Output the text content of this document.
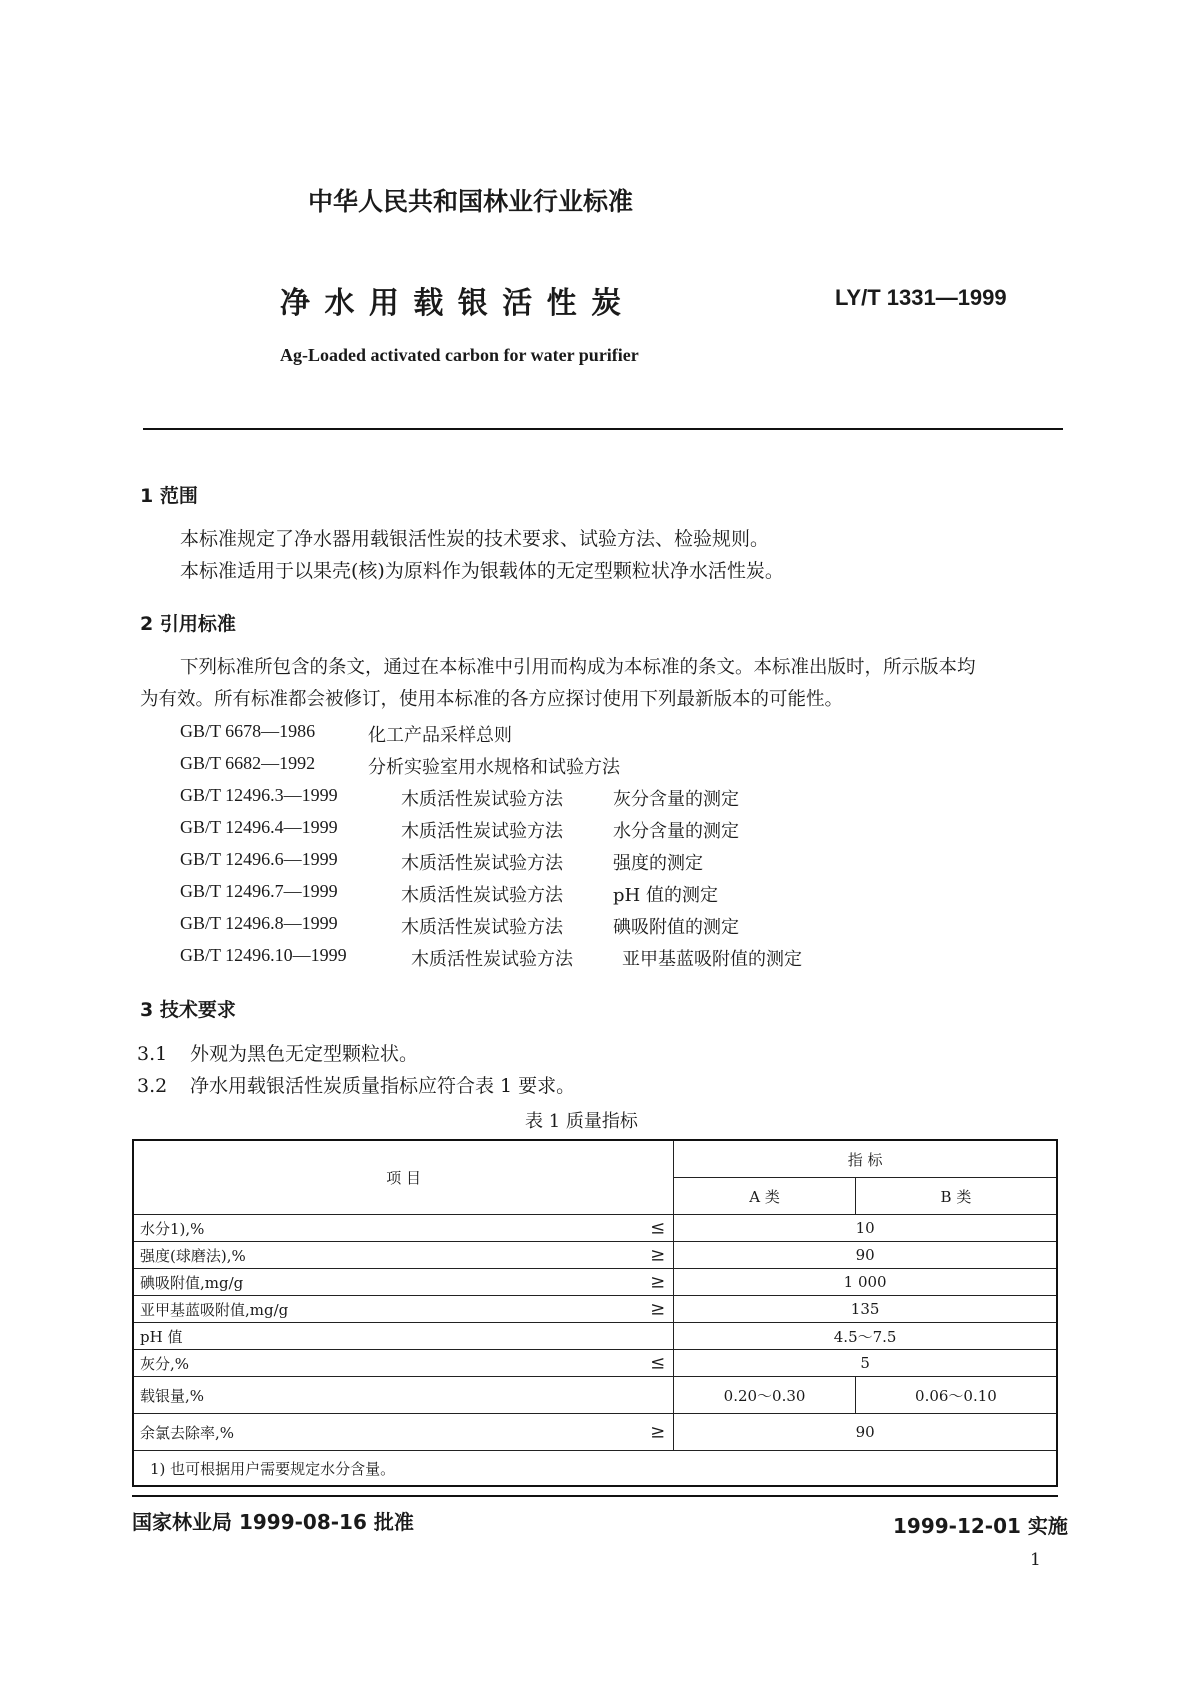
中华人民共和国林业行业标准
净 水 用 载 银 活 性 炭	LY/T 1331—1999
Ag-Loaded activated carbon for water purifier
1 范围
本标准规定了净水器用载银活性炭的技术要求、试验方法、检验规则。
本标准适用于以果壳(核)为原料作为银载体的无定型颗粒状净水活性炭。
2 引用标准
下列标准所包含的条文，通过在本标准中引用而构成为本标准的条文。本标准出版时，所示版本均
为有效。所有标准都会被修订，使用本标准的各方应探讨使用下列最新版本的可能性。
GB/T 6678—1986	化工产品采样总则
GB/T 6682—1992	分析实验室用水规格和试验方法
GB/T 12496.3—1999	木质活性炭试验方法	灰分含量的测定
GB/T 12496.4—1999	木质活性炭试验方法	水分含量的测定
GB/T 12496.6—1999	木质活性炭试验方法	强度的测定
GB/T 12496.7—1999	木质活性炭试验方法	pH 值的测定
GB/T 12496.8—1999	木质活性炭试验方法	碘吸附值的测定
GB/T 12496.10—1999	木质活性炭试验方法	亚甲基蓝吸附值的测定
3 技术要求
3.1 外观为黑色无定型颗粒状。
3.2 净水用载银活性炭质量指标应符合表 1 要求。
表 1 质量指标
项 目	指 标	
	A 类	B 类
水分1),% ≤	10	
强度(球磨法),% ≥	90	
碘吸附值,mg/g ≥	1 000	
亚甲基蓝吸附值,mg/g ≥	135	
pH 值	4.5～7.5	
灰分,% ≤	5	
载银量,%	0.20～0.30	0.06～0.10
余氯去除率,% ≥	90	
1) 也可根据用户需要规定水分含量。		
国家林业局 1999-08-16 批准	1999-12-01 实施
1
